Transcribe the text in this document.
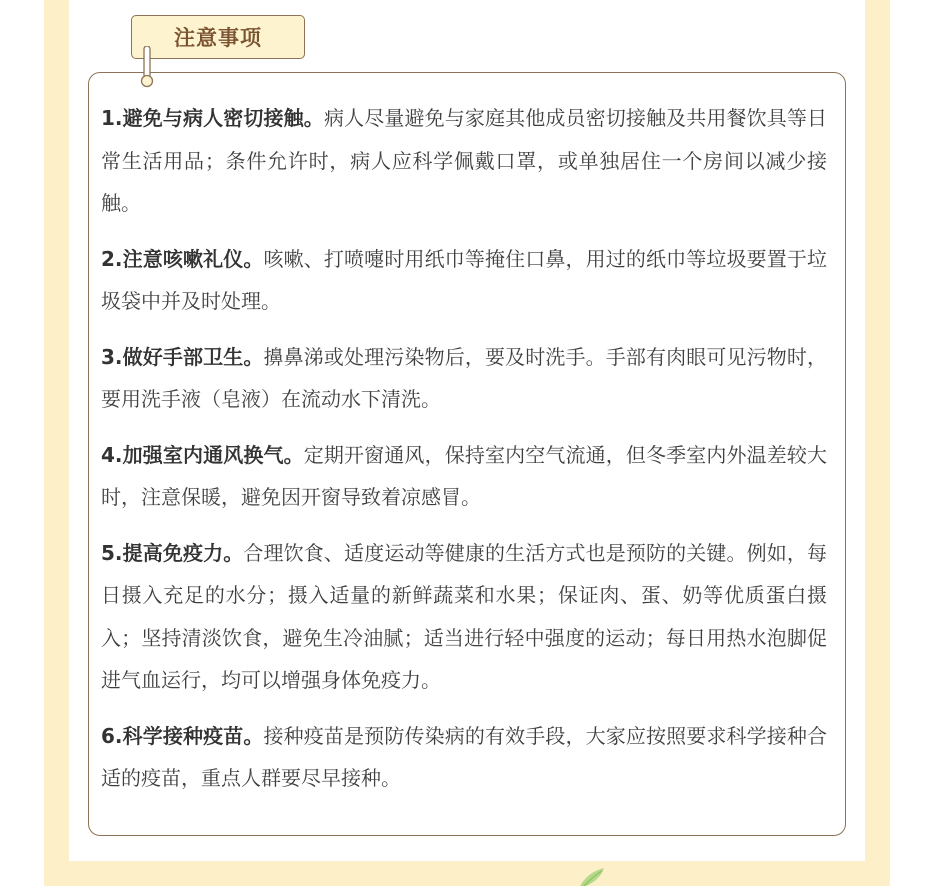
注意事项

1.避免与病人密切接触。病人尽量避免与家庭其他成员密切接触及共用餐饮具等日常生活用品；条件允许时，病人应科学佩戴口罩，或单独居住一个房间以减少接触。

2.注意咳嗽礼仪。咳嗽、打喷嚏时用纸巾等掩住口鼻，用过的纸巾等垃圾要置于垃圾袋中并及时处理。

3.做好手部卫生。擤鼻涕或处理污染物后，要及时洗手。手部有肉眼可见污物时，要用洗手液（皂液）在流动水下清洗。

4.加强室内通风换气。定期开窗通风，保持室内空气流通，但冬季室内外温差较大时，注意保暖，避免因开窗导致着凉感冒。

5.提高免疫力。合理饮食、适度运动等健康的生活方式也是预防的关键。例如，每日摄入充足的水分；摄入适量的新鲜蔬菜和水果；保证肉、蛋、奶等优质蛋白摄入；坚持清淡饮食，避免生冷油腻；适当进行轻中强度的运动；每日用热水泡脚促进气血运行，均可以增强身体免疫力。

6.科学接种疫苗。接种疫苗是预防传染病的有效手段，大家应按照要求科学接种合适的疫苗，重点人群要尽早接种。
